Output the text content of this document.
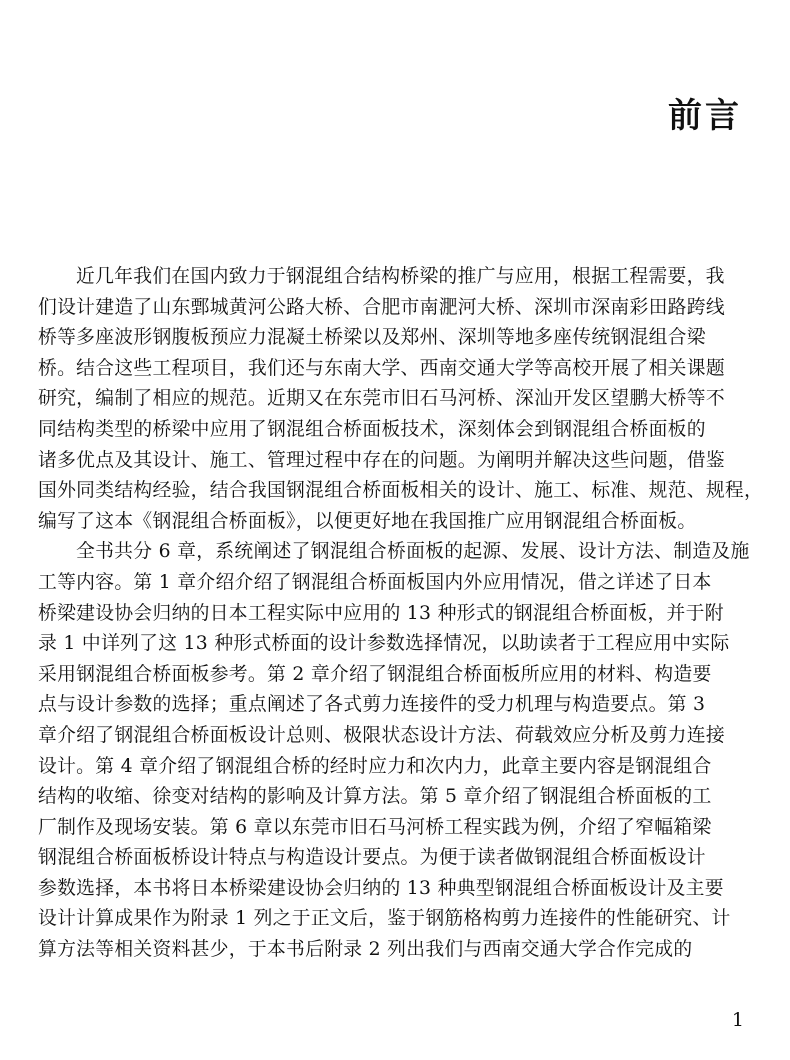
前言
近几年我们在国内致力于钢混组合结构桥梁的推广与应用，根据工程需要，我
们设计建造了山东鄄城黄河公路大桥、合肥市南淝河大桥、深圳市深南彩田路跨线
桥等多座波形钢腹板预应力混凝土桥梁以及郑州、深圳等地多座传统钢混组合梁
桥。结合这些工程项目，我们还与东南大学、西南交通大学等高校开展了相关课题
研究，编制了相应的规范。近期又在东莞市旧石马河桥、深汕开发区望鹏大桥等不
同结构类型的桥梁中应用了钢混组合桥面板技术，深刻体会到钢混组合桥面板的
诸多优点及其设计、施工、管理过程中存在的问题。为阐明并解决这些问题，借鉴
国外同类结构经验，结合我国钢混组合桥面板相关的设计、施工、标准、规范、规程，
编写了这本《钢混组合桥面板》，以便更好地在我国推广应用钢混组合桥面板。
全书共分 6 章，系统阐述了钢混组合桥面板的起源、发展、设计方法、制造及施
工等内容。第 1 章介绍介绍了钢混组合桥面板国内外应用情况，借之详述了日本
桥梁建设协会归纳的日本工程实际中应用的 13 种形式的钢混组合桥面板，并于附
录 1 中详列了这 13 种形式桥面的设计参数选择情况，以助读者于工程应用中实际
采用钢混组合桥面板参考。第 2 章介绍了钢混组合桥面板所应用的材料、构造要
点与设计参数的选择；重点阐述了各式剪力连接件的受力机理与构造要点。第 3
章介绍了钢混组合桥面板设计总则、极限状态设计方法、荷载效应分析及剪力连接
设计。第 4 章介绍了钢混组合桥的经时应力和次内力，此章主要内容是钢混组合
结构的收缩、徐变对结构的影响及计算方法。第 5 章介绍了钢混组合桥面板的工
厂制作及现场安装。第 6 章以东莞市旧石马河桥工程实践为例，介绍了窄幅箱梁
钢混组合桥面板桥设计特点与构造设计要点。为便于读者做钢混组合桥面板设计
参数选择，本书将日本桥梁建设协会归纳的 13 种典型钢混组合桥面板设计及主要
设计计算成果作为附录 1 列之于正文后，鉴于钢筋格构剪力连接件的性能研究、计
算方法等相关资料甚少，于本书后附录 2 列出我们与西南交通大学合作完成的
1
